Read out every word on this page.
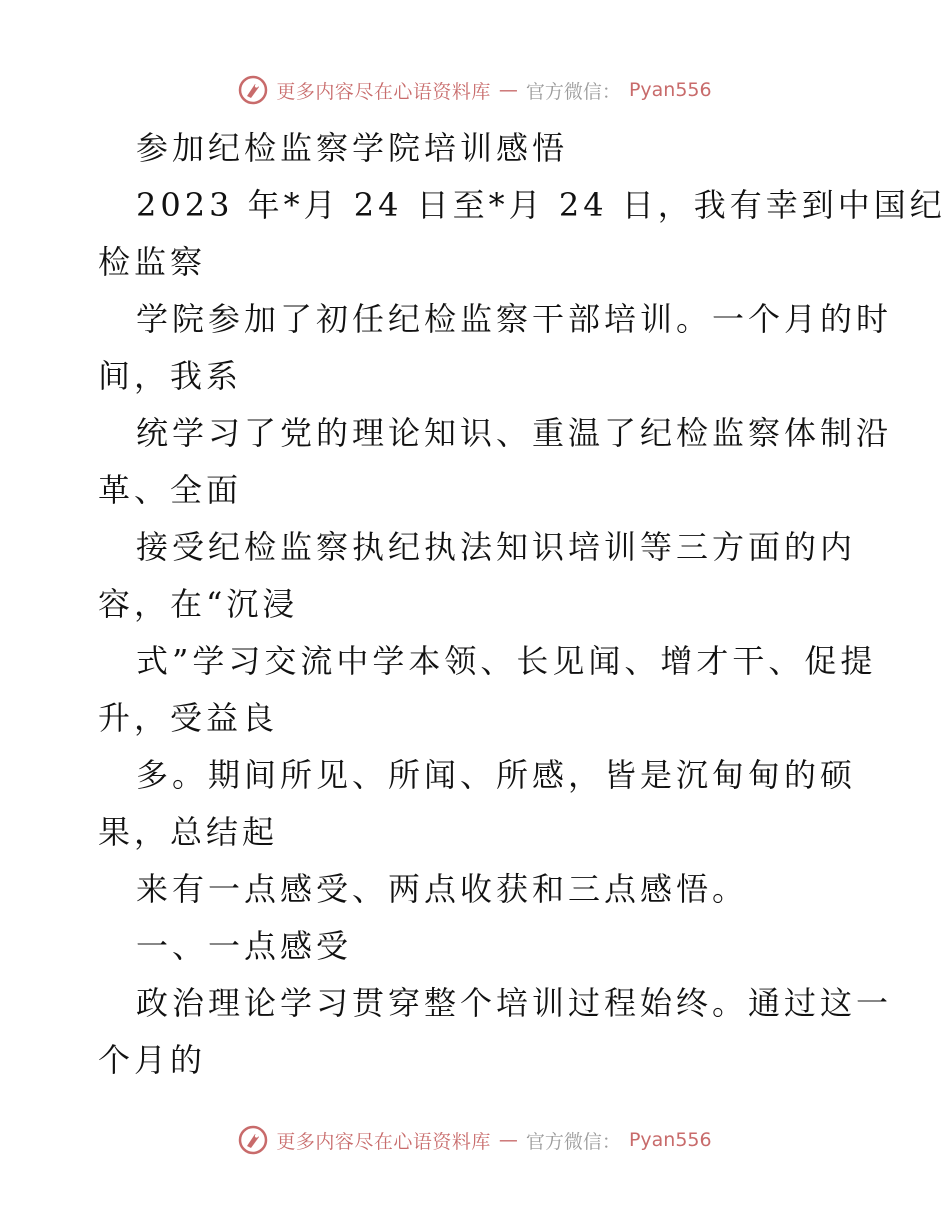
更多内容尽在心语资料库 — 官方微信： Pyan556
参加纪检监察学院培训感悟
2023 年*月 24 日至*月 24 日，我有幸到中国纪
检监察
学院参加了初任纪检监察干部培训。一个月的时
间，我系
统学习了党的理论知识、重温了纪检监察体制沿
革、全面
接受纪检监察执纪执法知识培训等三方面的内
容，在“沉浸
式”学习交流中学本领、长见闻、增才干、促提
升，受益良
多。期间所见、所闻、所感，皆是沉甸甸的硕
果，总结起
来有一点感受、两点收获和三点感悟。
一、一点感受
政治理论学习贯穿整个培训过程始终。通过这一
个月的
更多内容尽在心语资料库 — 官方微信： Pyan556
